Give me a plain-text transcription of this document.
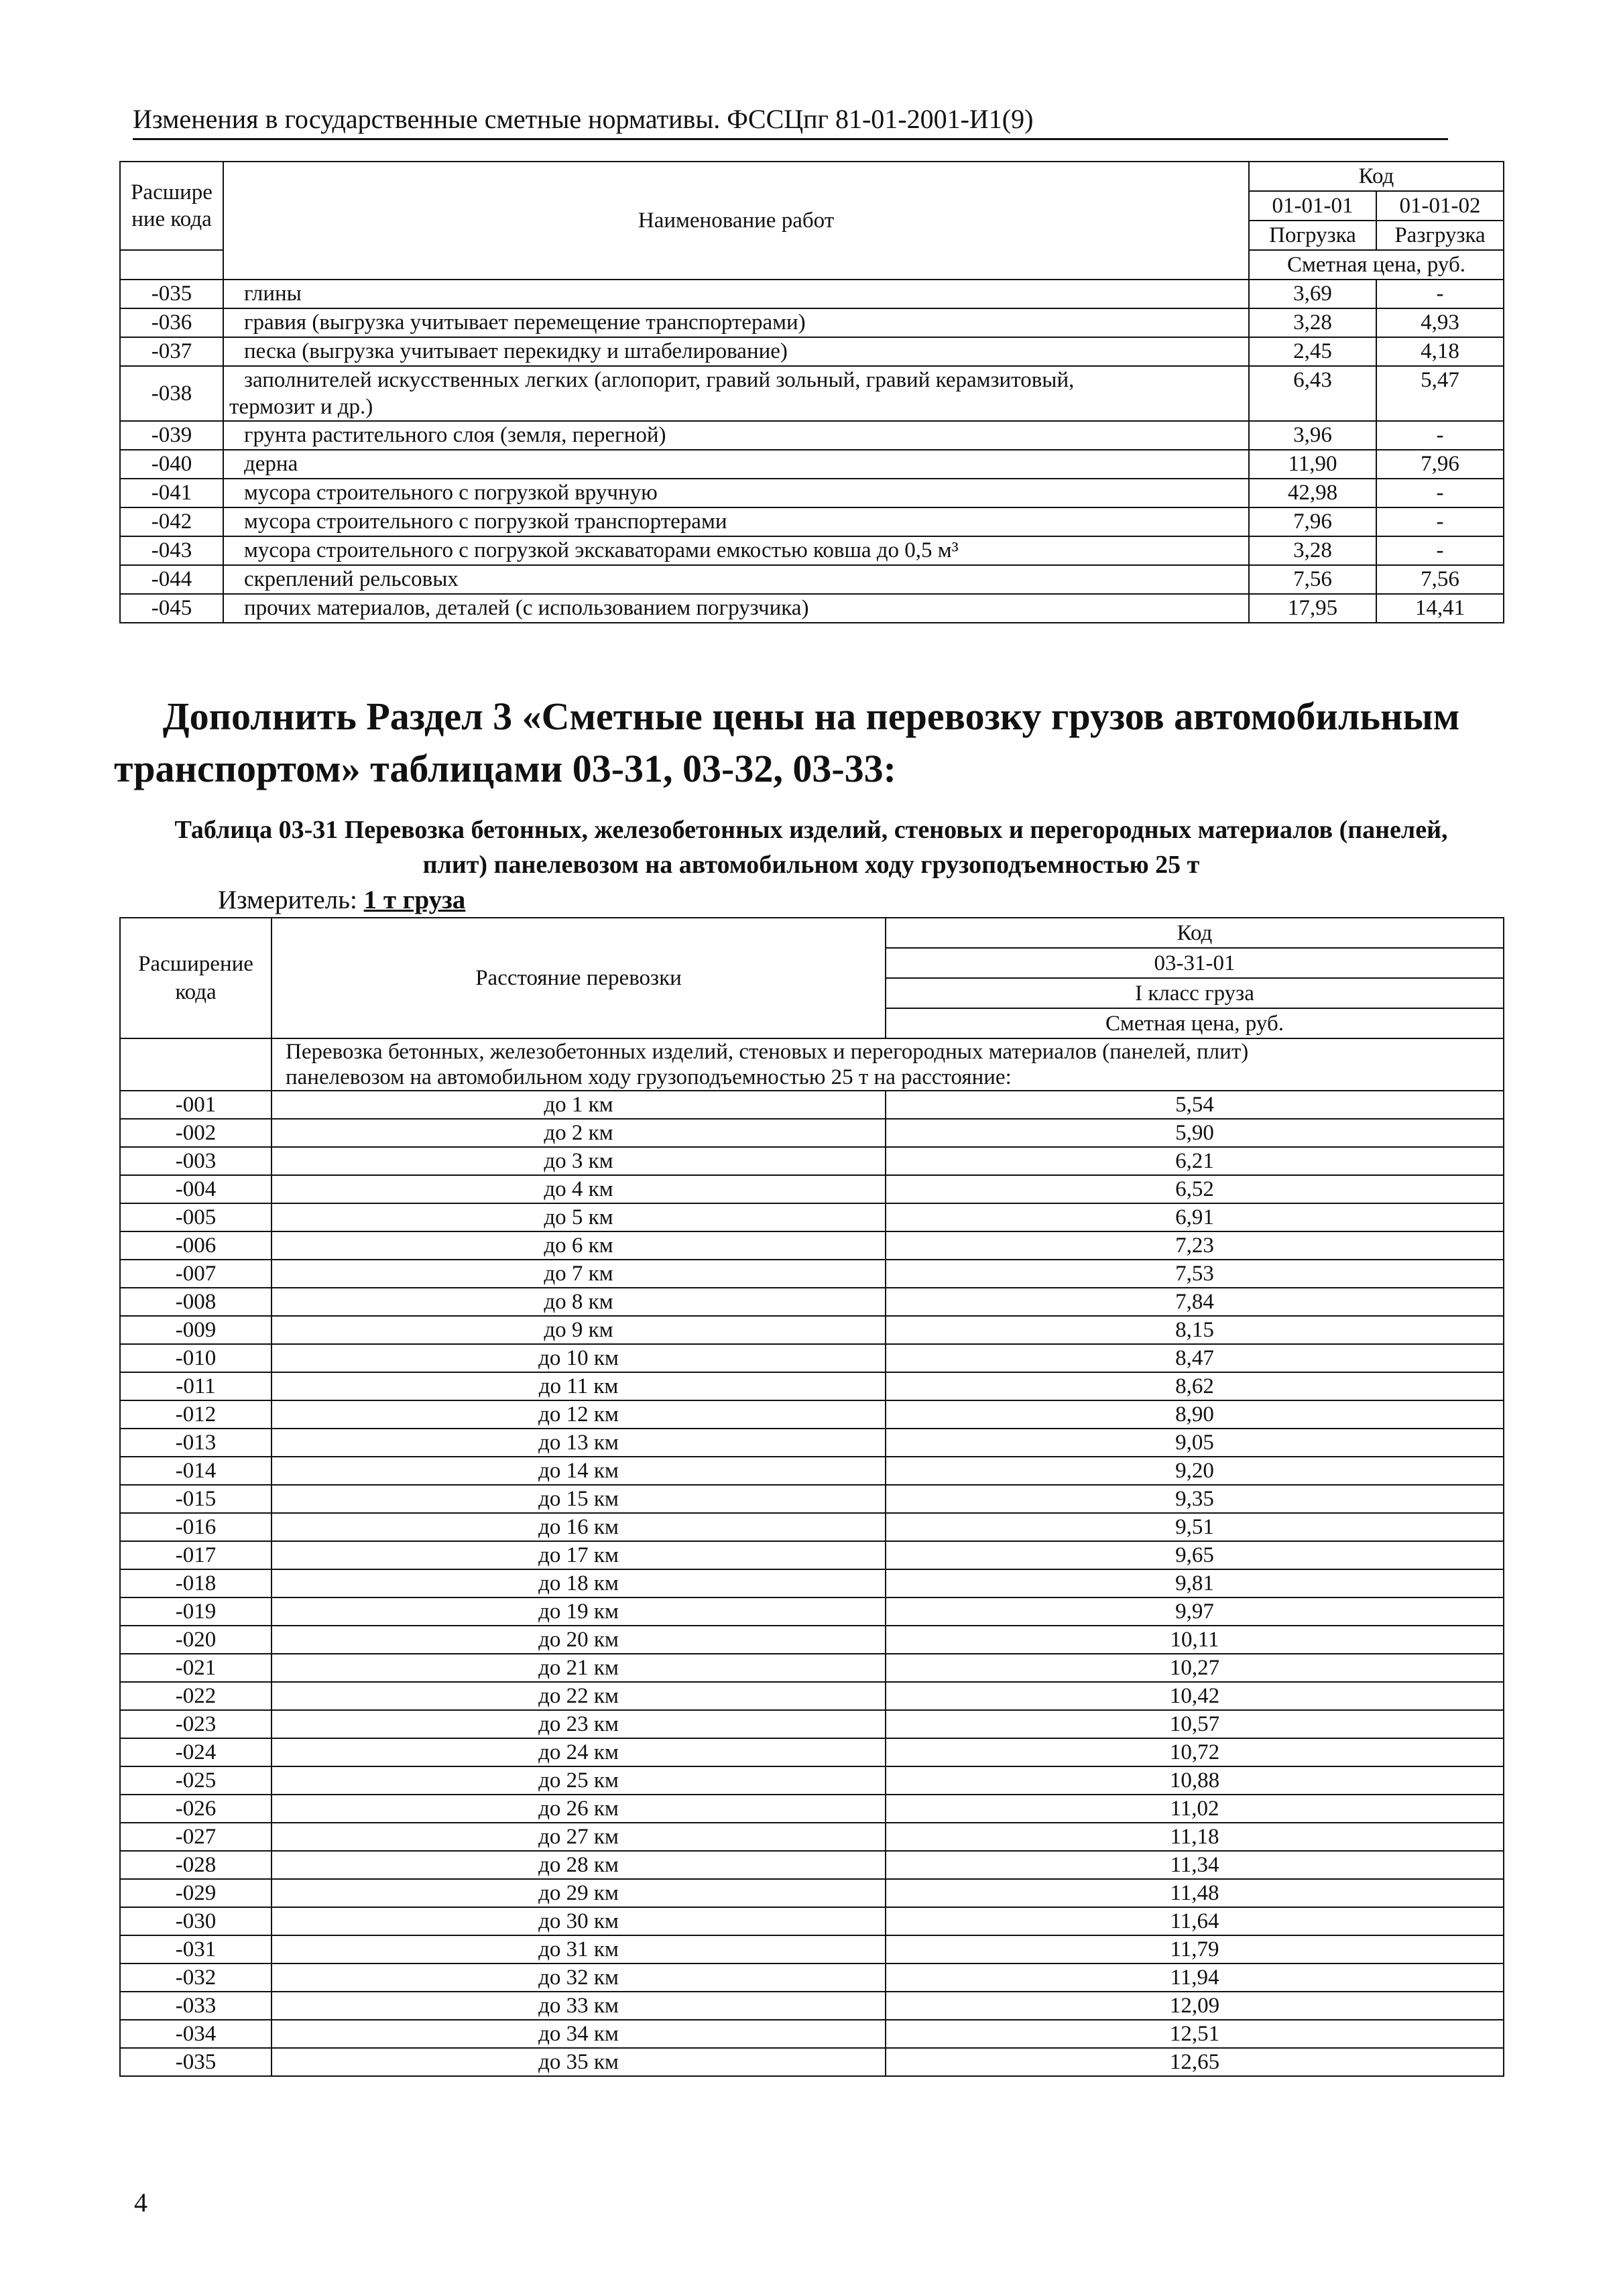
Изменения в государственные сметные нормативы. ФССЦпг 81-01-2001-И1(9)
Расшире
ние кода	Наименование работ	Код	
		01-01-01	01-01-02
		Погрузка	Разгрузка
		Сметная цена, руб.	
-035	глины	3,69	-
-036	гравия (выгрузка учитывает перемещение транспортерами)	3,28	4,93
-037	песка (выгрузка учитывает перекидку и штабелирование)	2,45	4,18
-038	заполнителей искусственных легких (аглопорит, гравий зольный, гравий керамзитовый,
термозит и др.)	6,43	5,47
-039	грунта растительного слоя (земля, перегной)	3,96	-
-040	дерна	11,90	7,96
-041	мусора строительного с погрузкой вручную	42,98	-
-042	мусора строительного с погрузкой транспортерами	7,96	-
-043	мусора строительного с погрузкой экскаваторами емкостью ковша до 0,5 м³	3,28	-
-044	скреплений рельсовых	7,56	7,56
-045	прочих материалов, деталей (с использованием погрузчика)	17,95	14,41
Дополнить Раздел 3 «Сметные цены на перевозку грузов автомобильным
транспортом» таблицами 03-31, 03-32, 03-33:
Таблица 03-31 Перевозка бетонных, железобетонных изделий, стеновых и перегородных материалов (панелей,
плит) панелевозом на автомобильном ходу грузоподъемностью 25 т
Измеритель: 1 т груза
Расширение
кода	Расстояние перевозки	Код
		03-31-01
		I класс груза
		Сметная цена, руб.

	Перевозка бетонных, железобетонных изделий, стеновых и перегородных материалов (панелей, плит)
панелевозом на автомобильном ходу грузоподъемностью 25 т на расстояние:	

-001	до 1 км	5,54
-002	до 2 км	5,90
-003	до 3 км	6,21
-004	до 4 км	6,52
-005	до 5 км	6,91
-006	до 6 км	7,23
-007	до 7 км	7,53
-008	до 8 км	7,84
-009	до 9 км	8,15
-010	до 10 км	8,47
-011	до 11 км	8,62
-012	до 12 км	8,90
-013	до 13 км	9,05
-014	до 14 км	9,20
-015	до 15 км	9,35
-016	до 16 км	9,51
-017	до 17 км	9,65
-018	до 18 км	9,81
-019	до 19 км	9,97
-020	до 20 км	10,11
-021	до 21 км	10,27
-022	до 22 км	10,42
-023	до 23 км	10,57
-024	до 24 км	10,72
-025	до 25 км	10,88
-026	до 26 км	11,02
-027	до 27 км	11,18
-028	до 28 км	11,34
-029	до 29 км	11,48
-030	до 30 км	11,64
-031	до 31 км	11,79
-032	до 32 км	11,94
-033	до 33 км	12,09
-034	до 34 км	12,51
-035	до 35 км	12,65
4
